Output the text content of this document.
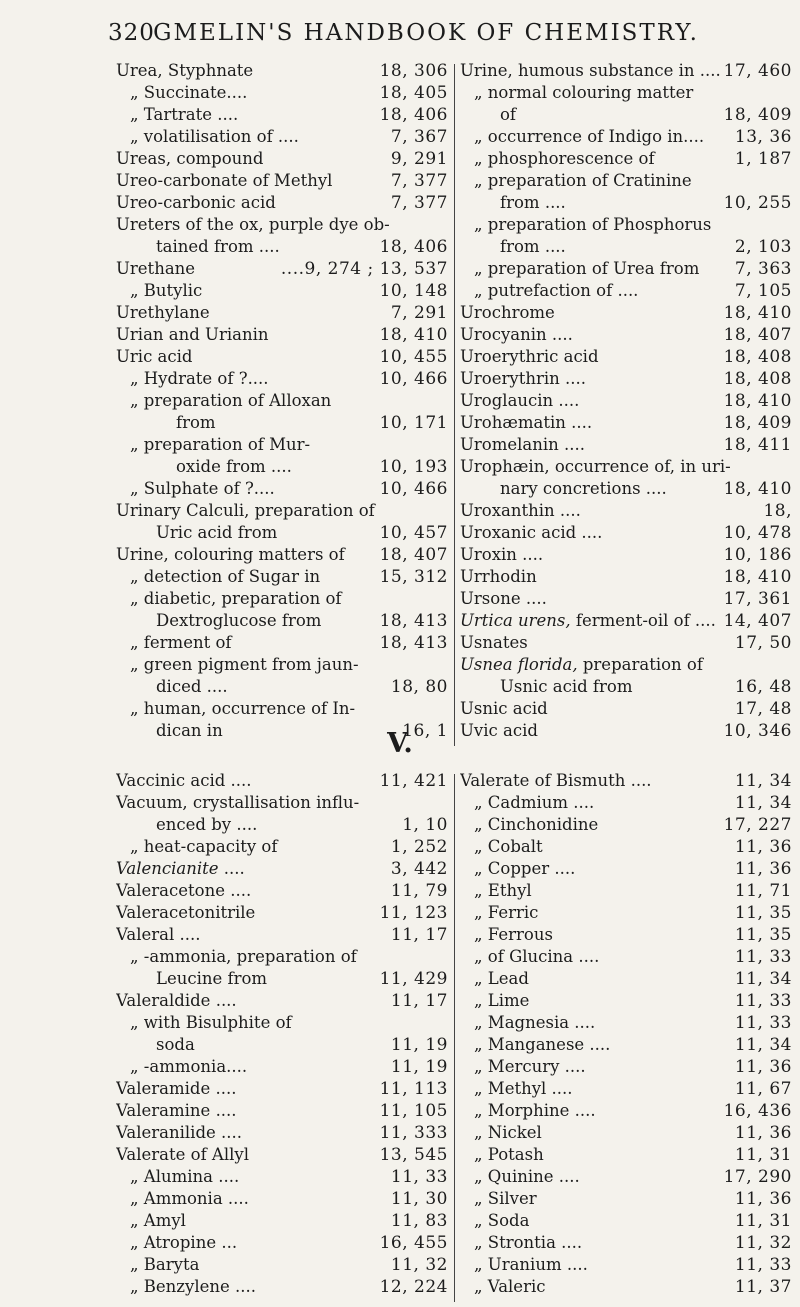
320
GMELIN'S HANDBOOK OF CHEMISTRY.
Urea, Styphnate	18, 306
„ Succinate....	18, 405
„ Tartrate ....	18, 406
„ volatilisation of ....	7, 367
Ureas, compound	9, 291
Ureo-carbonate of Methyl	7, 377
Ureo-carbonic acid	7, 377
Ureters of the ox, purple dye ob-
tained from ....	18, 406
Urethane	....9, 274 ; 13, 537
„ Butylic	10, 148
Urethylane	7, 291
Urian and Urianin	18, 410
Uric acid	10, 455
„ Hydrate of ?....	10, 466
„ preparation of Alloxan
from	10, 171
„ preparation of Mur-
oxide from ....	10, 193
„ Sulphate of ?....	10, 466
Urinary Calculi, preparation of
Uric acid from	10, 457
Urine, colouring matters of 18, 407
„ detection of Sugar in	15, 312
„ diabetic, preparation of
Dextroglucose from	18, 413
„ ferment of	18, 413
„ green pigment from jaun-
diced ....	18, 80
„ human, occurrence of In-
dican in	16, 1
Urine, humous substance in .... 17, 460
„ normal colouring matter
of	18, 409
„ occurrence of Indigo in.... 13, 36
„ phosphorescence of	1, 187
„ preparation of Cratinine
from ....	10, 255
„ preparation of Phosphorus
from ....	2, 103
„ preparation of Urea from 7, 363
„ putrefaction of ....	7, 105
Urochrome	18, 410
Urocyanin ....	18, 407
Uroerythric acid	18, 408
Uroerythrin ....	18, 408
Uroglaucin ....	18, 410
Urohæmatin ....	18, 409
Uromelanin ....	18, 411
Urophæin, occurrence of, in uri-
nary concretions ....	18, 410
Uroxanthin ....	18,
Uroxanic acid ....	10, 478
Uroxin ....	10, 186
Urrhodin	18, 410
Ursone ....	17, 361
Urtica urens, ferment-oil of .... 14, 407
Usnates	17, 50
Usnea florida, preparation of
Usnic acid from	16, 48
Usnic acid	17, 48
Uvic acid	10, 346
V.
Vaccinic acid ....	11, 421
Vacuum, crystallisation influ-
enced by ....	1, 10
„ heat-capacity of	1, 252
Valencianite ....	3, 442
Valeracetone ....	11, 79
Valeracetonitrile	11, 123
Valeral ....	11, 17
„ -ammonia, preparation of
Leucine from	11, 429
Valeraldide ....	11, 17
„ with Bisulphite of
soda	11, 19
„ -ammonia....	11, 19
Valeramide ....	11, 113
Valeramine ....	11, 105
Valeranilide ....	11, 333
Valerate of Allyl	13, 545
„ Alumina ....	11, 33
„ Ammonia ....	11, 30
„ Amyl	11, 83
„ Atropine ...	16, 455
„ Baryta	11, 32
„ Benzylene ....	12, 224
Valerate of Bismuth ....	11, 34
„ Cadmium ....	11, 34
„ Cinchonidine	17, 227
„ Cobalt	11, 36
„ Copper ....	11, 36
„ Ethyl	11, 71
„ Ferric	11, 35
„ Ferrous	11, 35
„ of Glucina ....	11, 33
„ Lead	11, 34
„ Lime	11, 33
„ Magnesia ....	11, 33
„ Manganese ....	11, 34
„ Mercury ....	11, 36
„ Methyl ....	11, 67
„ Morphine ....	16, 436
„ Nickel	11, 36
„ Potash	11, 31
„ Quinine ....	17, 290
„ Silver	11, 36
„ Soda	11, 31
„ Strontia ....	11, 32
„ Uranium ....	11, 33
„ Valeric	11, 37
